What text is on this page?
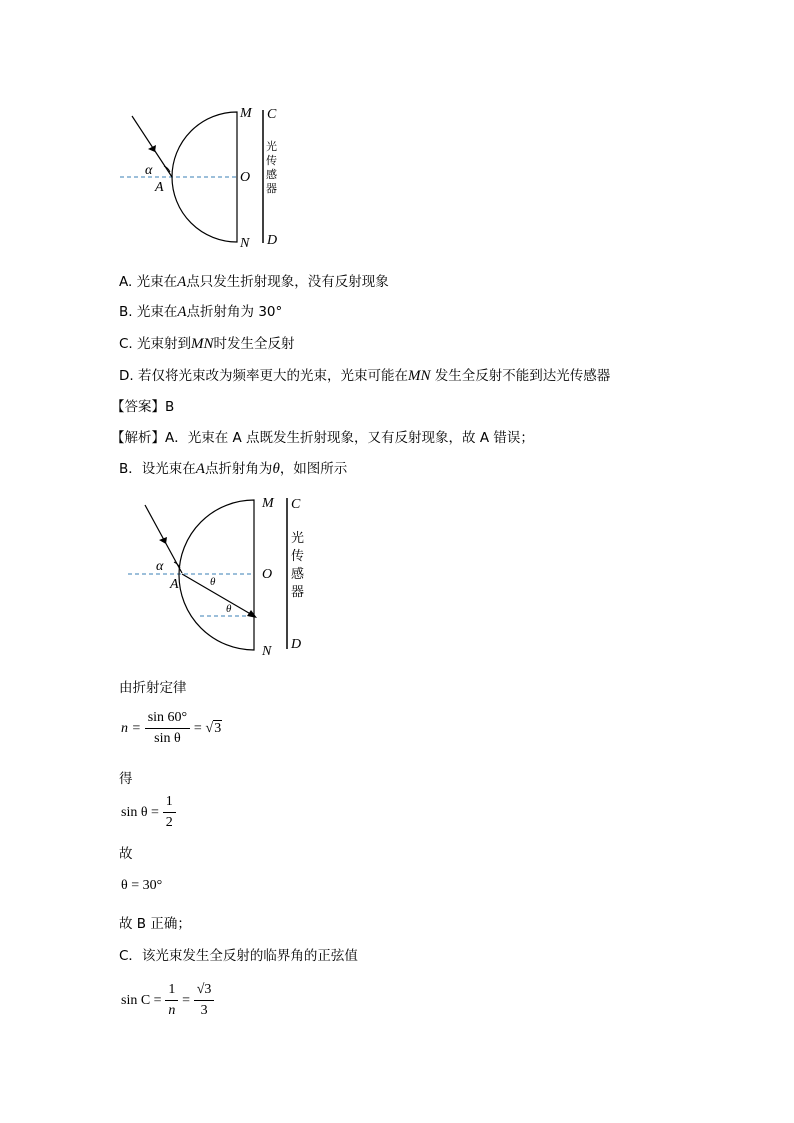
α
A
O
M
N
C
D
光
传
感
器
A. 光束在A点只发生折射现象，没有反射现象
B. 光束在A点折射角为 30°
C. 光束射到MN时发生全反射
D. 若仅将光束改为频率更大的光束，光束可能在MN 发生全反射不能到达光传感器
【答案】B
【解析】A．光束在 A 点既发生折射现象，又有反射现象，故 A 错误；
B．设光束在A点折射角为θ，如图所示
α
A	θ
θ
O
M
N
C
D
光
传
感
器
由折射定律
$n = \frac{\sin 60^\circ}{\text{sin θ}} = √3$
得
$\sin \theta = \frac{1}{2}$
故
θ = 30°
故 B 正确；
C．该光束发生全反射的临界角的正弦值
$\sin C = \frac{1}{n} = \frac{√3}{3}$
